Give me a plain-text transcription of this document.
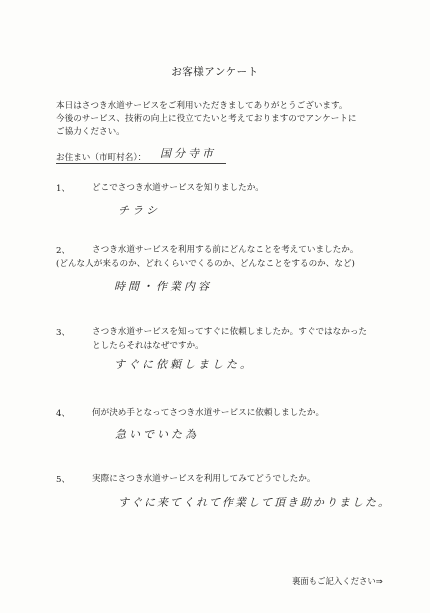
お客様アンケート
本日はさつき水道サービスをご利用いただきましてありがとうございます。
今後のサービス、技術の向上に役立てたいと考えておりますのでアンケートに
ご協力ください。
お住まい（市町村名）： 国分寺市
1、	どこでさつき水道サービスを知りましたか。
チラシ
2、	さつき水道サービスを利用する前にどんなことを考えていましたか。
(どんな人が来るのか、どれくらいでくるのか、どんなことをするのか、など)
時間・作業内容
3、	さつき水道サービスを知ってすぐに依頼しましたか。すぐではなかった
としたらそれはなぜですか。
すぐに依頼しました。
4、	何が決め手となってさつき水道サービスに依頼しましたか。
急いでいた為
5、	実際にさつき水道サービスを利用してみてどうでしたか。
すぐに来てくれて作業して頂き助かりました。
裏面もご記入ください⇒
